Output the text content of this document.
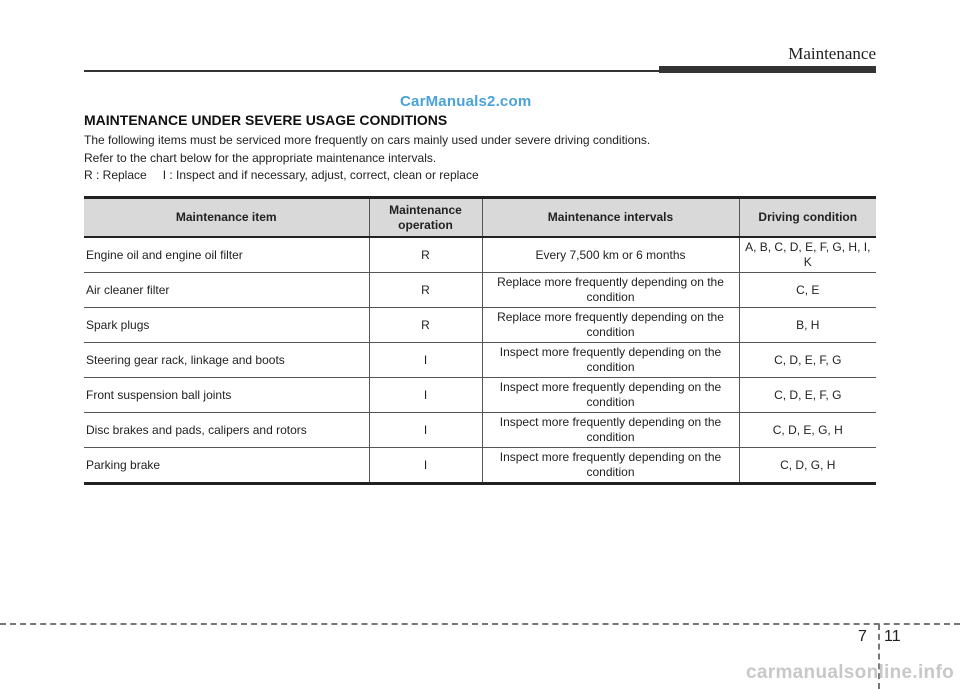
Maintenance
CarManuals2.com
MAINTENANCE UNDER SEVERE USAGE CONDITIONS
The following items must be serviced more frequently on cars mainly used under severe driving conditions.
Refer to the chart below for the appropriate maintenance intervals.
R : Replace I : Inspect and if necessary, adjust, correct, clean or replace
Maintenance item	Maintenance operation	Maintenance intervals	Driving condition
Engine oil and engine oil filter	R	Every 7,500 km or 6 months	A, B, C, D, E, F, G, H, I, K
Air cleaner filter	R	Replace more frequently depending on the condition	C, E
Spark plugs	R	Replace more frequently depending on the condition	B, H
Steering gear rack, linkage and boots	I	Inspect more frequently depending on the condition	C, D, E, F, G
Front suspension ball joints	I	Inspect more frequently depending on the condition	C, D, E, F, G
Disc brakes and pads, calipers and rotors	I	Inspect more frequently depending on the condition	C, D, E, G, H
Parking brake	I	Inspect more frequently depending on the condition	C, D, G, H
7 11
carmanualsonline.info
